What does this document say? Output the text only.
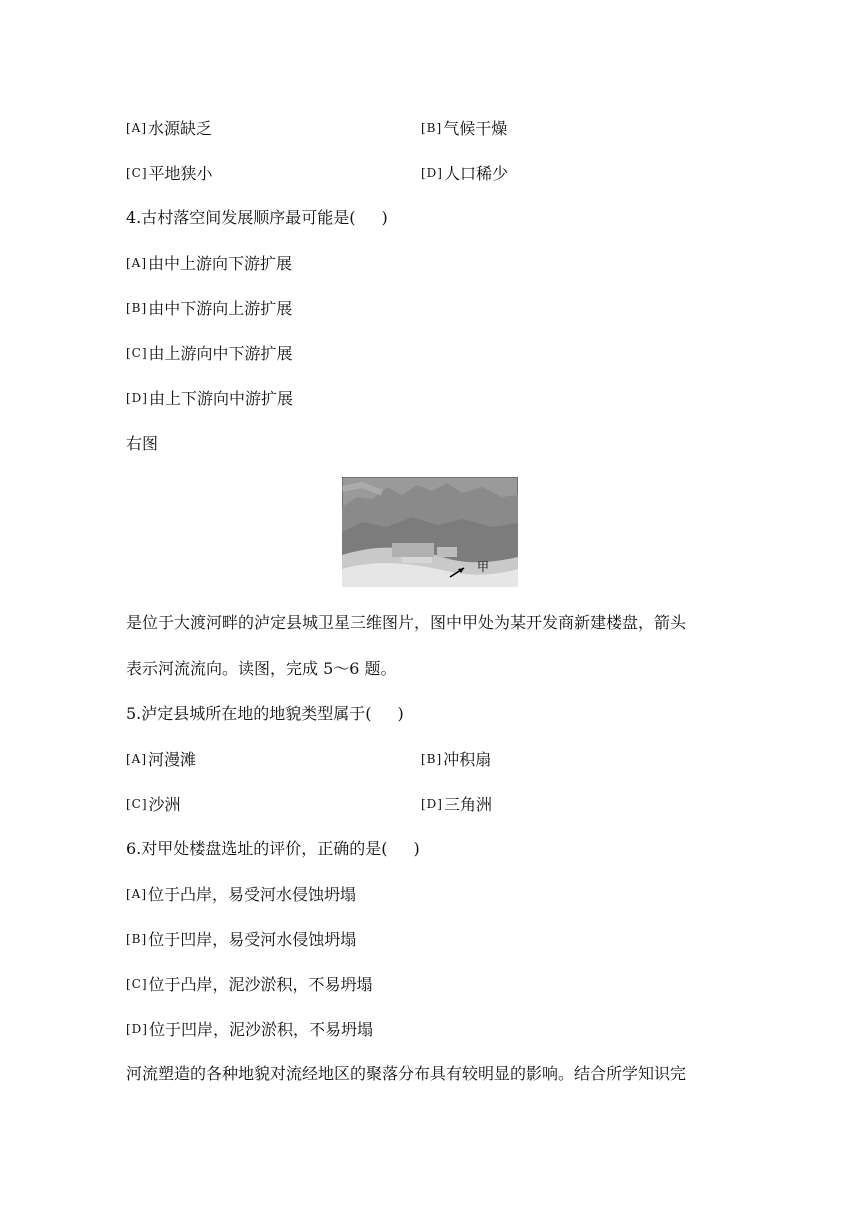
[A]水源缺乏	[B]气候干燥
[C]平地狭小	[D]人口稀少
4.古村落空间发展顺序最可能是( )
[A]由中上游向下游扩展
[B]由中下游向上游扩展
[C]由上游向中下游扩展
[D]由上下游向中游扩展
右图
甲
是位于大渡河畔的泸定县城卫星三维图片，图中甲处为某开发商新建楼盘，箭头
表示河流流向。读图，完成 5～6 题。
5.泸定县城所在地的地貌类型属于( )
[A]河漫滩	[B]冲积扇
[C]沙洲	[D]三角洲
6.对甲处楼盘选址的评价，正确的是( )
[A]位于凸岸，易受河水侵蚀坍塌
[B]位于凹岸，易受河水侵蚀坍塌
[C]位于凸岸，泥沙淤积，不易坍塌
[D]位于凹岸，泥沙淤积，不易坍塌
河流塑造的各种地貌对流经地区的聚落分布具有较明显的影响。结合所学知识完
